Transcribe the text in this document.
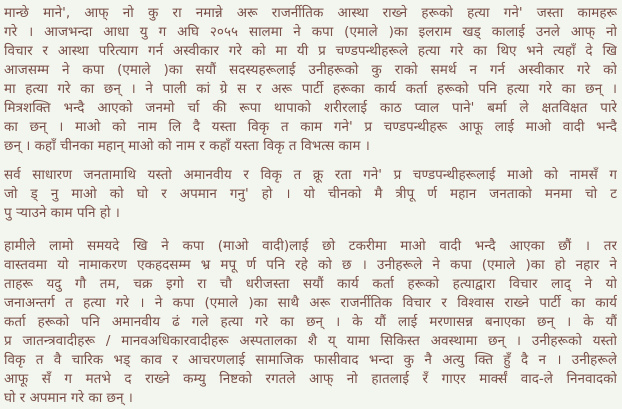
मान्छे माने', आफ् नो कु रा नमान्ने अरू राजर्नीतिक आस्था राख्ने हरूको हत्या गने' जस्ता कामहरू
गरे । आजभन्दा आधा यु ग अघि २०५५ सालमा ने कपा (एमाले )का इलराम खड् कालाई उनले आफ् नो
विचार र आस्था परित्याग गर्न अस्वीकार गरे को मा यी प्र चण्डपन्थीहरूले हत्या गरे का थिए भने त्यहाँ दे खि
आजसम्म ने कपा (एमाले )का सयौं सदस्यहरूलाई उनीहरूको कु राको समर्थ न गर्न अस्वीकार गरे को
मा हत्या गरे का छन् । ने पाली कां ग्रे स र अरू पार्टी हरूका कार्य कर्ता हरूको पनि हत्या गरे का छन् ।
मित्रशक्ति भन्दै आएको जनमो र्चा की रूपा थापाको शरीरलाई काठ प्वाल पाने' बर्मा ले क्षतविक्षत पारे
का छन् । माओ को नाम लि दै यस्ता विकृ त काम गने' प्र चण्डपन्थीहरू आफू लाई माओ वादी भन्दै
छन् । कहाँ चीनका महान् माओ को नाम र कहाँ यस्ता विकृ त विभत्स काम ।
सर्व साधारण जनतामाथि यस्तो अमानवीय र विकृ त क्रू रता गने' प्र चण्डपन्थीहरूलाई माओ को नामसँ ग
जो ड् नु माओ को घो र अपमान गनु' हो । यो चीनको मै त्रीपू र्ण महान जनताको मनमा चो ट
पु ऱ्याउने काम पनि हो ।
हामीले लामो समयदे खि ने कपा (माओ वादी)लाई छो टकरीमा माओ वादी भन्दै आएका छौं । तर
वास्तवमा यो नामाकरण एकहदसम्म भ्र मपू र्ण पनि रहे को छ । उनीहरूले ने कपा (एमाले )का हो नहार ने
ताहरू यदु गौ तम, चक्र इगो रा चौ धरीजस्ता सयौं कार्य कर्ता हरूको हत्याद्वारा विचार लाद् ने यो
जनाअन्तर्ग त हत्या गरे । ने कपा (एमाले )का साथै अरू राजर्नीतिक विचार र विश्वास राख्ने पार्टी का कार्य
कर्ता हरूको पनि अमानवीय ढं गले हत्या गरे का छन् । के यौं लाई मरणासन्न बनाएका छन् । के यौं
प्र जातन्त्रवादीहरू / मानवअधिकारवादीहरू अस्पतालका शै य् यामा सिकिस्त अवस्थामा छन् । उनीहरूको यस्तो
विकृ त वै चारिक भड् काव र आचरणलाई सामाजिक फासीवाद भन्दा कु नै अत्यु क्ति हुँ दै न । उनीहरूले
आफू सँ ग मतभे द राख्ने कम्यु निष्टको रगतले आफ् नो हातलाई रँ गाएर मार्क्सं वाद-ले निनवादको
घो र अपमान गरे का छन् ।
